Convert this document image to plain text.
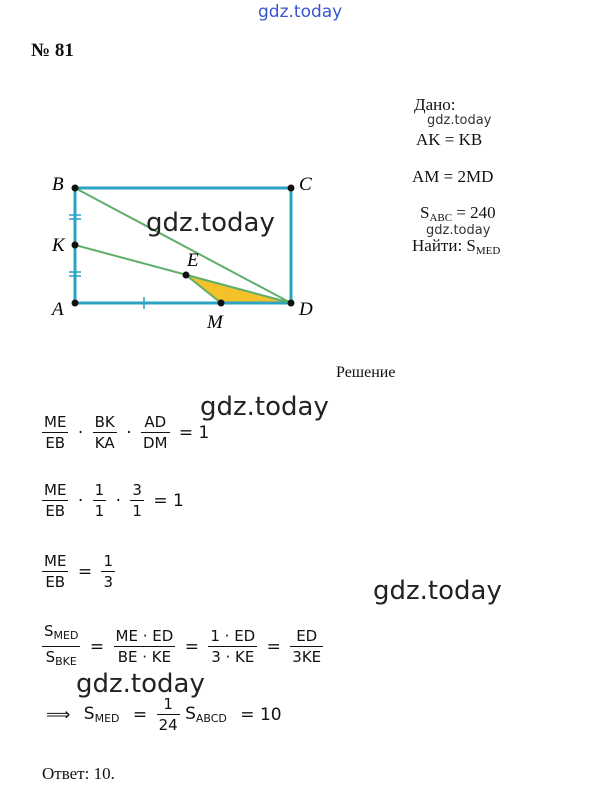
gdz.today
gdz.today
gdz.today
gdz.today
gdz.today
gdz.today
gdz.today
№ 81
Дано:
AK = KB
AM = 2MD
$S_{ABC} = 240$
Найти: $S_{MED}$
B	C
K
E
A
M
D
Решение
$\frac{ME}{EB} \cdot \frac{BK}{KA} \cdot \frac{AD}{DM} = 1$
$\frac{ME}{EB} \cdot \frac{1}{1} \cdot \frac{3}{1} = 1$
$\frac{ME}{EB} = \frac{1}{3}$
$\frac{S_{MED}}{S_{BKE}} = \frac{ME \cdot ED}{BE \cdot KE} = \frac{1 \cdot ED}{3 \cdot KE} = \frac{ED}{3KE}$
⟹ $S_{MED} = \frac{1}{24} S_{ABCD} = 10$
Ответ: 10.
